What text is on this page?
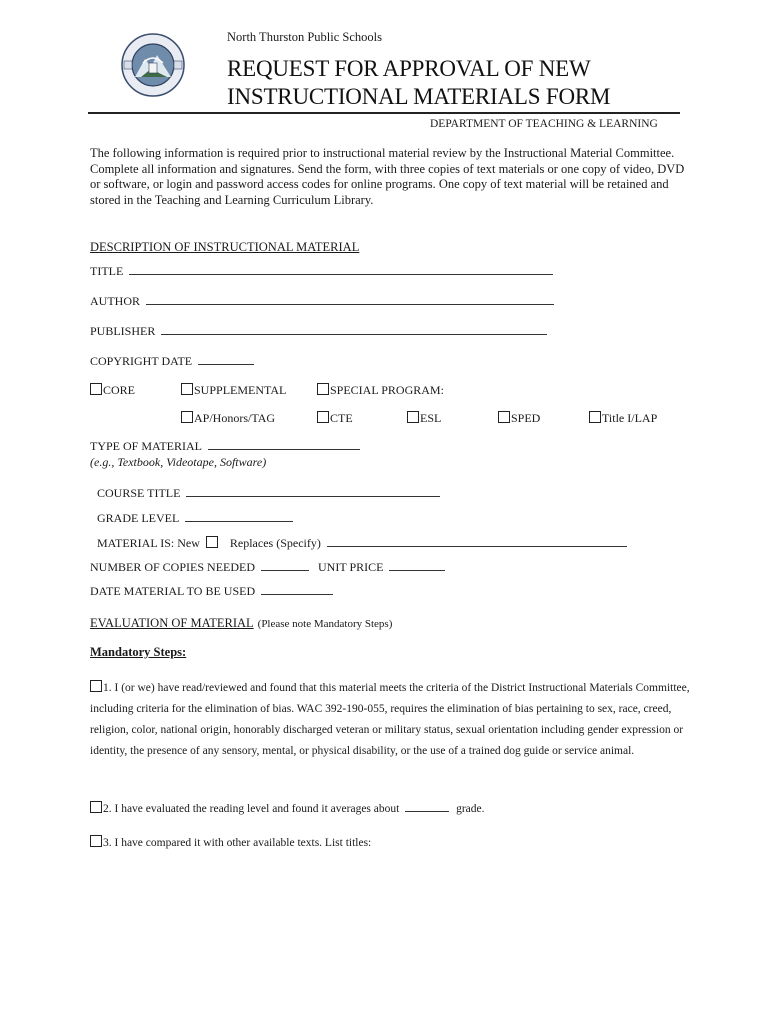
North Thurston Public Schools
REQUEST FOR APPROVAL OF NEW
INSTRUCTIONAL MATERIALS FORM
DEPARTMENT OF TEACHING & LEARNING
The following information is required prior to instructional material review by the Instructional Material Committee. Complete all information and signatures. Send the form, with three copies of text materials or one copy of video, DVD or software, or login and password access codes for online programs. One copy of text material will be retained and stored in the Teaching and Learning Curriculum Library.
DESCRIPTION OF INSTRUCTIONAL MATERIAL
TITLE
AUTHOR
PUBLISHER
COPYRIGHT DATE
CORE	SUPPLEMENTAL	SPECIAL PROGRAM:
AP/Honors/TAG	CTE	ESL	SPED	Title I/LAP
TYPE OF MATERIAL
(e.g., Textbook, Videotape, Software)
COURSE TITLE
GRADE LEVEL
MATERIAL IS: New	Replaces (Specify)
NUMBER OF COPIES NEEDED	UNIT PRICE
DATE MATERIAL TO BE USED
EVALUATION OF MATERIAL (Please note Mandatory Steps)
Mandatory Steps:
1. I (or we) have read/reviewed and found that this material meets the criteria of the District Instructional Materials Committee, including criteria for the elimination of bias. WAC 392-190-055, requires the elimination of bias pertaining to sex, race, creed, religion, color, national origin, honorably discharged veteran or military status, sexual orientation including gender expression or identity, the presence of any sensory, mental, or physical disability, or the use of a trained dog guide or service animal.
2. I have evaluated the reading level and found it averages about	grade.
3. I have compared it with other available texts. List titles:
